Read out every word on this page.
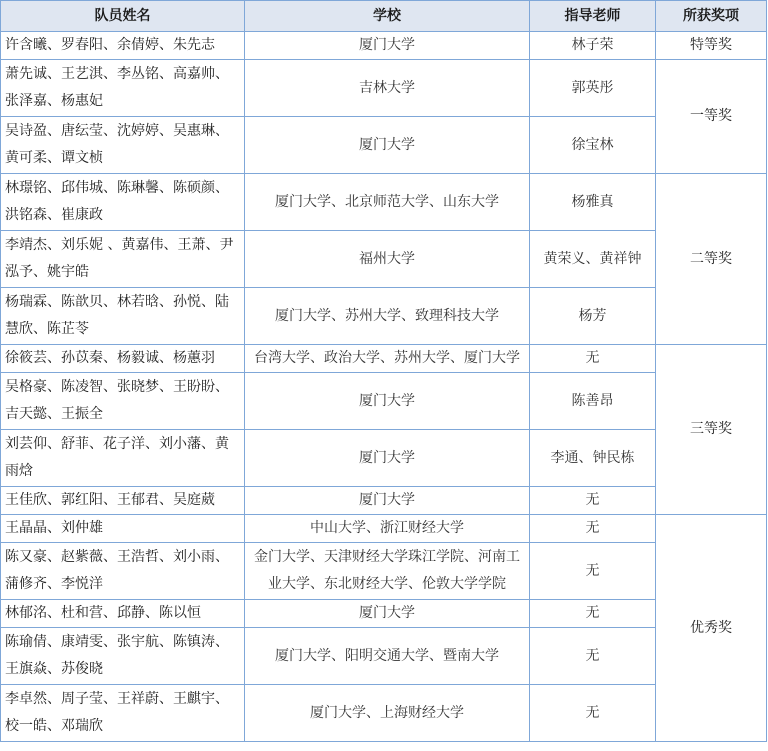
队员姓名	学校	指导老师	所获奖项
许含曦、罗春阳、余倩婷、朱先志	厦门大学	林子荣	特等奖
萧先诚、王艺淇、李丛铭、高嘉帅、张泽嘉、杨惠妃	吉林大学	郭英彤	一等奖
吴诗盈、唐纭莹、沈婷婷、吴惠琳、黄可柔、谭文桢	厦门大学	徐宝林	
林璟铭、邱伟城、陈琳馨、陈硕颜、洪铭森、崔康政	厦门大学、北京师范大学、山东大学	杨雅真	二等奖
李靖杰、刘乐妮 、黄嘉伟、王萧、尹泓予、姚宇皓	福州大学	黄荣义、黄祥钟	
杨瑞霖、陈歆贝、林若晗、孙悦、陆慧欣、陈芷苓	厦门大学、苏州大学、致理科技大学	杨芳	
徐筱芸、孙苡秦、杨毅诚、杨蕙羽	台湾大学、政治大学、苏州大学、厦门大学	无	三等奖
吴格豪、陈凌智、张晓梦、王盼盼、吉天懿、王振全	厦门大学	陈善昂	
刘芸仰、舒菲、花子洋、刘小藩、黄雨焓	厦门大学	李通、钟民栋	
王佳欣、郭红阳、王郁君、吴庭葳	厦门大学	无	
王晶晶、刘仲雄	中山大学、浙江财经大学	无	优秀奖
陈又豪、赵紫薇、王浩哲、刘小雨、蒲修齐、李悦洋	金门大学、天津财经大学珠江学院、河南工业大学、东北财经大学、伦敦大学学院	无	
林郁洺、杜和营、邱静、陈以恒	厦门大学	无	
陈瑜倩、康靖雯、张宇航、陈镇涛、王旗焱、苏俊晓	厦门大学、阳明交通大学、暨南大学	无	
李卓然、周子莹、王祥蔚、王麒宇、校一皓、邓瑞欣	厦门大学、上海财经大学	无	
